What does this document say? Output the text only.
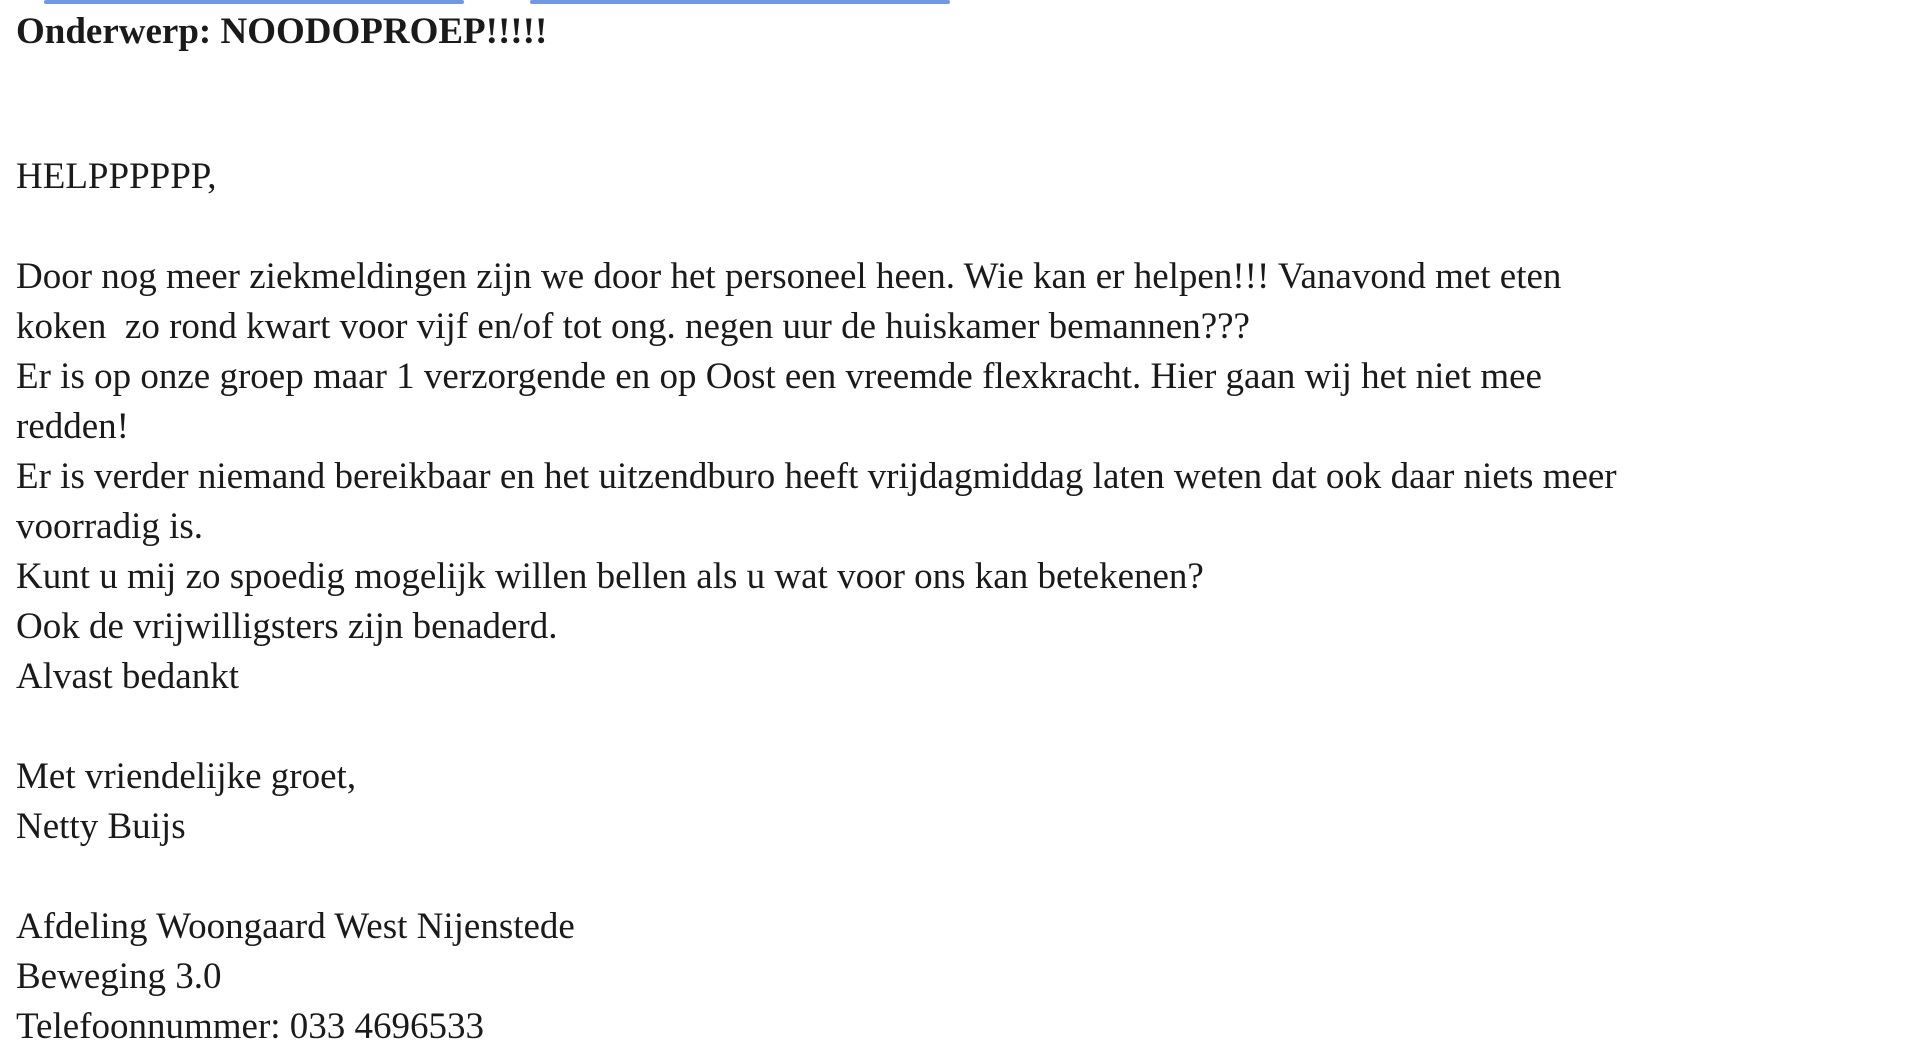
Onderwerp: NOODOPROEP!!!!!

HELPPPPPP,

Door nog meer ziekmeldingen zijn we door het personeel heen. Wie kan er helpen!!! Vanavond met eten
koken  zo rond kwart voor vijf en/of tot ong. negen uur de huiskamer bemannen???
Er is op onze groep maar 1 verzorgende en op Oost een vreemde flexkracht. Hier gaan wij het niet mee
redden!
Er is verder niemand bereikbaar en het uitzendburo heeft vrijdagmiddag laten weten dat ook daar niets meer
voorradig is.
Kunt u mij zo spoedig mogelijk willen bellen als u wat voor ons kan betekenen?
Ook de vrijwilligsters zijn benaderd.
Alvast bedankt
Met vriendelijke groet,
Netty Buijs
Afdeling Woongaard West Nijenstede
Beweging 3.0
Telefoonnummer: 033 4696533
